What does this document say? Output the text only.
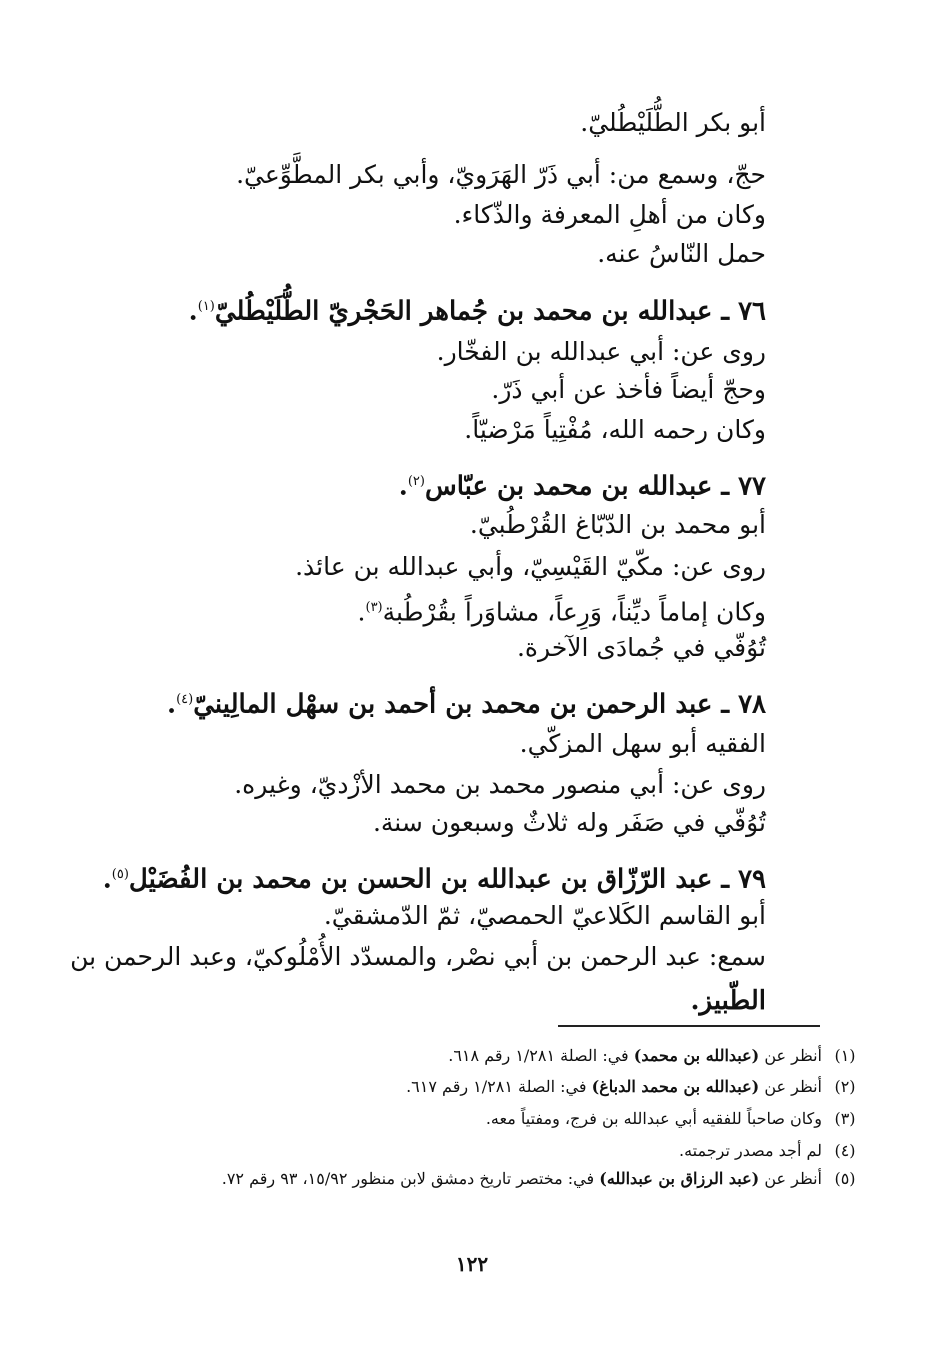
أبو بكر الطُّلَيْطُليّ.
حجّ، وسمع من: أبي ذَرّ الهَرَويّ، وأبي بكر المطَّوِّعيّ.
وكان من أهلِ المعرفة والذّكاء.
حمل النّاسُ عنه.
٧٦ ـ عبدالله بن محمد بن جُماهر الحَجْريّ الطُّلَيْطُليّ$^{(١)}$.
روى عن: أبي عبدالله بن الفخّار.
وحجّ أيضاً فأخذ عن أبي ذَرّ.
وكان رحمه الله، مُفْتِياً مَرْضيّاً.
٧٧ ـ عبدالله بن محمد بن عبّاس$^{(٢)}$.
أبو محمد بن الدّبّاغ القُرْطُبيّ.
روى عن: مكّيّ القَيْسِيّ، وأبي عبدالله بن عائذ.
وكان إماماً ديِّناً، وَرِعاً، مشاوَراً بقُرْطُبة$^{(٣)}$.
تُوُفّي في جُمادَى الآخرة.
٧٨ ـ عبد الرحمن بن محمد بن أحمد بن سهْل المالِينيّ$^{(٤)}$.
الفقيه أبو سهل المزكّي.
روى عن: أبي منصور محمد بن محمد الأزْديّ، وغيره.
تُوُفّي في صَفَر وله ثلاثٌ وسبعون سنة.
٧٩ ـ عبد الرّزّاق بن عبدالله بن الحسن بن محمد بن الفُضَيْل$^{(٥)}$.
أبو القاسم الكَلاعيّ الحمصيّ، ثمّ الدّمشقيّ.
سمع: عبد الرحمن بن أبي نصْر، والمسدّد الأُمْلُوكيّ، وعبد الرحمن بن
الطّبيز.
(١)
أنظر عن (عبدالله بن محمد) في: الصلة ١/٢٨١ رقم ٦١٨.
(٢)
أنظر عن (عبدالله بن محمد الدباغ) في: الصلة ١/٢٨١ رقم ٦١٧.
(٣)
وكان صاحباً للفقيه أبي عبدالله بن فرج، ومفتياً معه.
(٤)
لم أجد مصدر ترجمته.
(٥)
أنظر عن (عبد الرزاق بن عبدالله) في: مختصر تاريخ دمشق لابن منظور ١٥/٩٢، ٩٣ رقم ٧٢.
١٢٢
